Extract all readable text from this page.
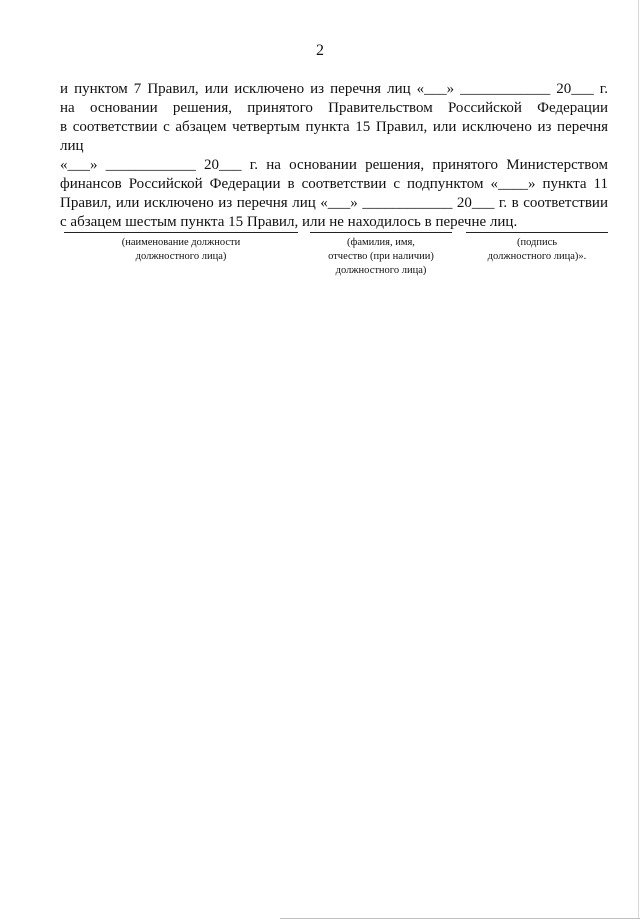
2

и пунктом 7 Правил, или исключено из перечня лиц «___» ____________ 20___ г.

на основании решения, принятого Правительством Российской Федерации

в соответствии с абзацем четвертым пункта 15 Правил, или исключено из перечня лиц

«___» ____________ 20___ г. на основании решения, принятого Министерством

финансов Российской Федерации в соответствии с подпунктом «____» пункта 11

Правил, или исключено из перечня лиц «___» ____________ 20___ г. в соответствии

с абзацем шестым пункта 15 Правил, или не находилось в перечне лиц.

(наименование должности
должностного лица)
(фамилия, имя,
отчество (при наличии)
должностного лица)
(подпись
должностного лица)».
